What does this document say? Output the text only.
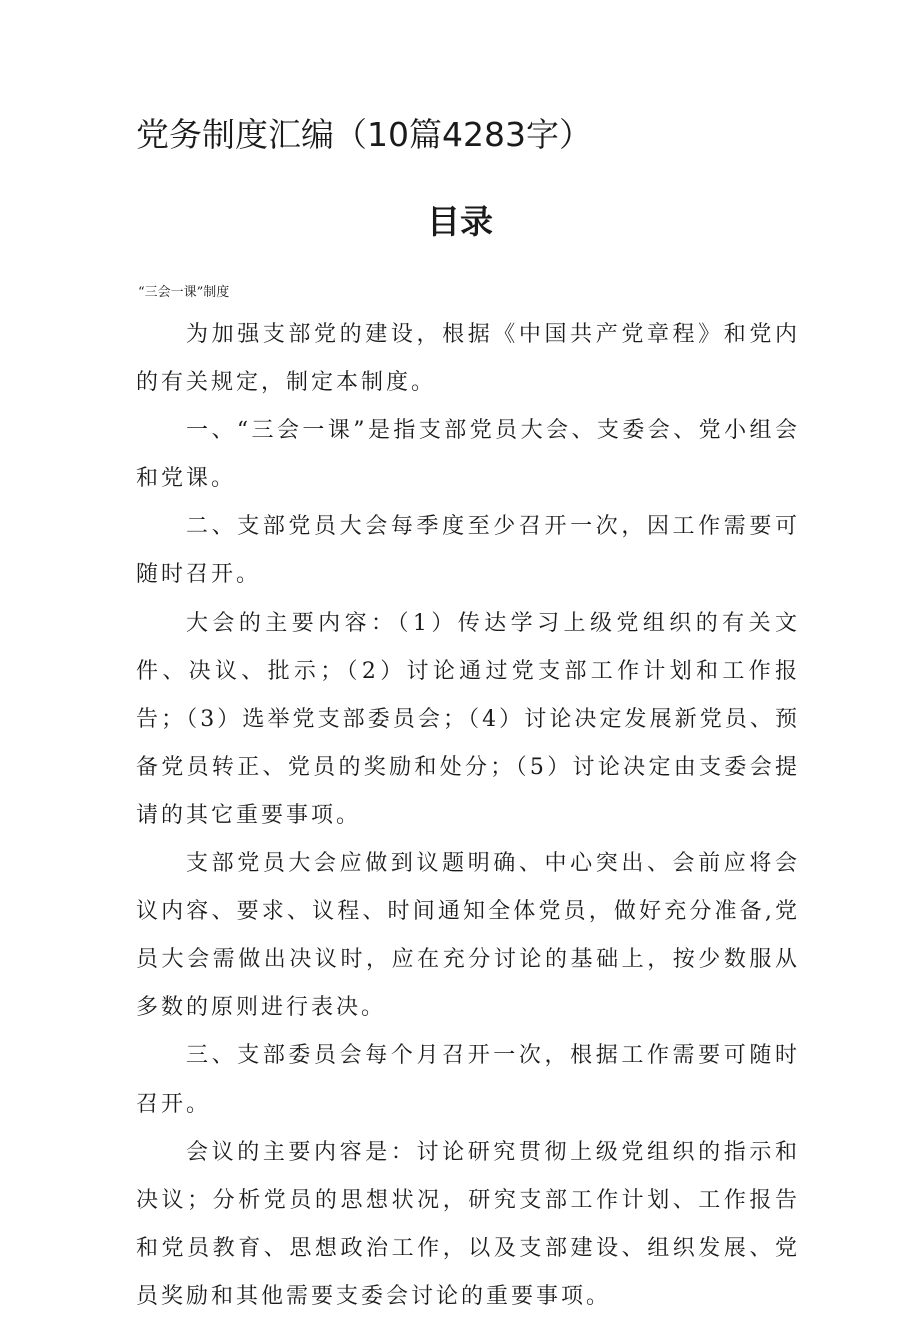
党务制度汇编（10篇4283字）
目录
“三会一课”制度

为加强支部党的建设，根据《中国共产党章程》和党内的有关规定，制定本制度。

一、“三会一课”是指支部党员大会、支委会、党小组会和党课。

二、支部党员大会每季度至少召开一次，因工作需要可随时召开。

大会的主要内容：（1）传达学习上级党组织的有关文件、决议、批示；（2）讨论通过党支部工作计划和工作报告；（3）选举党支部委员会；（4）讨论决定发展新党员、预备党员转正、党员的奖励和处分；（5）讨论决定由支委会提请的其它重要事项。

支部党员大会应做到议题明确、中心突出、会前应将会议内容、要求、议程、时间通知全体党员，做好充分准备,党员大会需做出决议时，应在充分讨论的基础上，按少数服从多数的原则进行表决。

三、支部委员会每个月召开一次，根据工作需要可随时召开。

会议的主要内容是：讨论研究贯彻上级党组织的指示和决议；分析党员的思想状况，研究支部工作计划、工作报告和党员教育、思想政治工作，以及支部建设、组织发展、党员奖励和其他需要支委会讨论的重要事项。
